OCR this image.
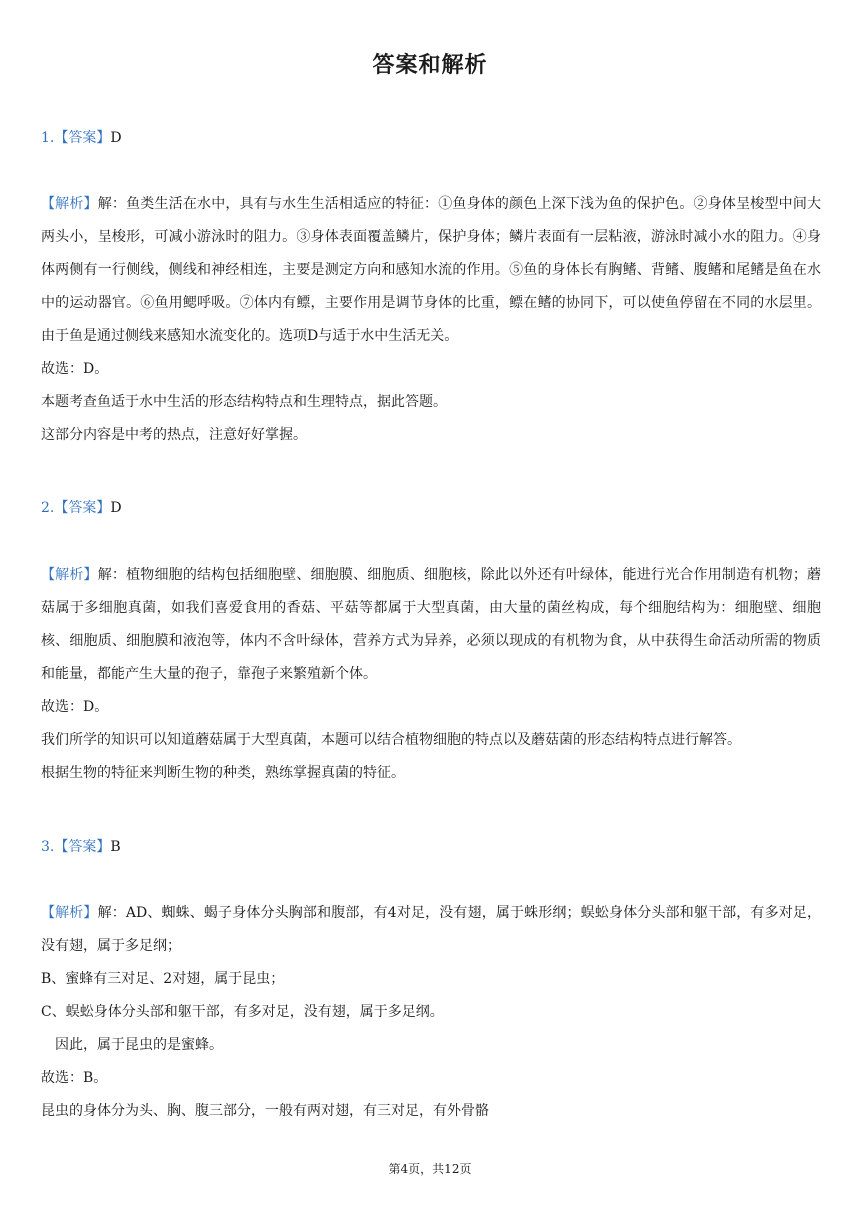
答案和解析
1.【答案】D

【解析】解：鱼类生活在水中，具有与水生生活相适应的特征：①鱼身体的颜色上深下浅为鱼的保护色。②身体呈梭型中间大两头小，呈梭形，可减小游泳时的阻力。③身体表面覆盖鳞片，保护身体；鳞片表面有一层粘液，游泳时减小水的阻力。④身体两侧有一行侧线，侧线和神经相连，主要是测定方向和感知水流的作用。⑤鱼的身体长有胸鳍、背鳍、腹鳍和尾鳍是鱼在水中的运动器官。⑥鱼用鳃呼吸。⑦体内有鳔，主要作用是调节身体的比重，鳔在鳍的协同下，可以使鱼停留在不同的水层里。由于鱼是通过侧线来感知水流变化的。选项D与适于水中生活无关。

故选：D。

本题考查鱼适于水中生活的形态结构特点和生理特点，据此答题。

这部分内容是中考的热点，注意好好掌握。

2.【答案】D

【解析】解：植物细胞的结构包括细胞壁、细胞膜、细胞质、细胞核，除此以外还有叶绿体，能进行光合作用制造有机物；蘑菇属于多细胞真菌，如我们喜爱食用的香菇、平菇等都属于大型真菌，由大量的菌丝构成，每个细胞结构为：细胞壁、细胞核、细胞质、细胞膜和液泡等，体内不含叶绿体，营养方式为异养，必须以现成的有机物为食，从中获得生命活动所需的物质和能量，都能产生大量的孢子，靠孢子来繁殖新个体。

故选：D。

我们所学的知识可以知道蘑菇属于大型真菌，本题可以结合植物细胞的特点以及蘑菇菌的形态结构特点进行解答。

根据生物的特征来判断生物的种类，熟练掌握真菌的特征。

3.【答案】B

【解析】解：AD、蜘蛛、蝎子身体分头胸部和腹部，有4对足，没有翅，属于蛛形纲；蜈蚣身体分头部和躯干部，有多对足，没有翅，属于多足纲；

B、蜜蜂有三对足、2对翅，属于昆虫；

C、蜈蚣身体分头部和躯干部，有多对足，没有翅，属于多足纲。

因此，属于昆虫的是蜜蜂。

故选：B。

昆虫的身体分为头、胸、腹三部分，一般有两对翅，有三对足，有外骨骼

第4页，共12页
